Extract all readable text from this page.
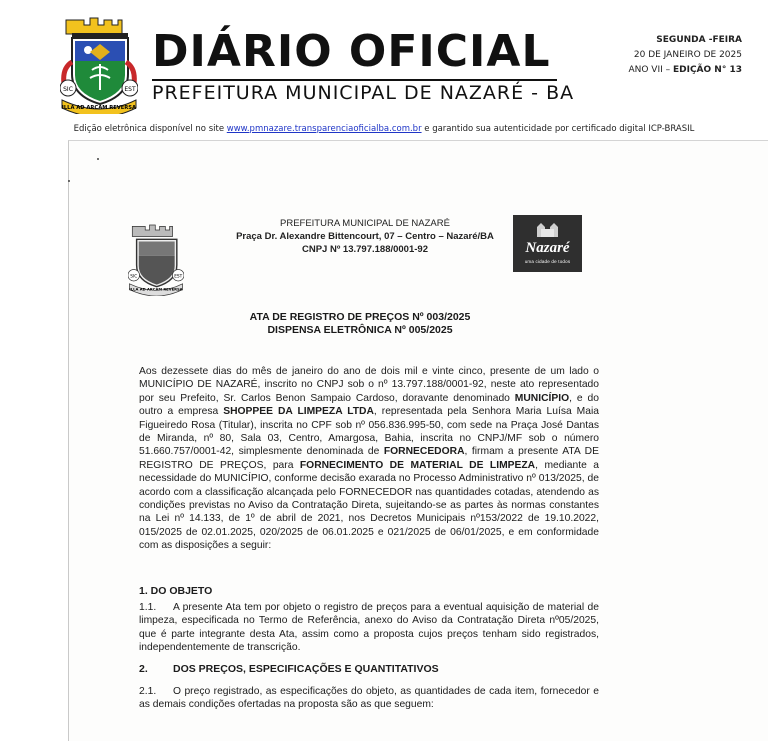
SIC	EST
ILLA AD ARCAM REVERSA
DIÁRIO OFICIAL
PREFEITURA MUNICIPAL DE NAZARÉ - BA
SEGUNDA -FEIRA
20 DE JANEIRO DE 2025
ANO VII – EDIÇÃO N° 13
Edição eletrônica disponível no site www.pmnazare.transparenciaoficialba.com.br e garantido sua autenticidade por certificado digital ICP-BRASIL
SIC	EST
ILLA AD ARCAM REVERSA
PREFEITURA MUNICIPAL DE NAZARÉ
Praça Dr. Alexandre Bittencourt, 07 – Centro – Nazaré/BA
CNPJ Nº 13.797.188/0001-92	Nazaré
uma cidade de todos
ATA DE REGISTRO DE PREÇOS Nº 003/2025
DISPENSA ELETRÔNICA Nº 005/2025
Aos dezessete dias do mês de janeiro do ano de dois mil e vinte cinco, presente de um lado o MUNICÍPIO DE NAZARÉ, inscrito no CNPJ sob o nº 13.797.188/0001-92, neste ato representado por seu Prefeito, Sr. Carlos Benon Sampaio Cardoso, doravante denominado MUNICÍPIO, e do outro a empresa SHOPPEE DA LIMPEZA LTDA, representada pela Senhora Maria Luísa Maia Figueiredo Rosa (Titular), inscrita no CPF sob nº 056.836.995-50, com sede na Praça José Dantas de Miranda, nº 80, Sala 03, Centro, Amargosa, Bahia, inscrita no CNPJ/MF sob o número 51.660.757/0001-42, simplesmente denominada de FORNECEDORA, firmam a presente ATA DE REGISTRO DE PREÇOS, para FORNECIMENTO DE MATERIAL DE LIMPEZA, mediante a necessidade do MUNICÍPIO, conforme decisão exarada no Processo Administrativo nº 013/2025, de acordo com a classificação alcançada pelo FORNECEDOR nas quantidades cotadas, atendendo as condições previstas no Aviso da Contratação Direta, sujeitando-se as partes às normas constantes na Lei nº 14.133, de 1º de abril de 2021, nos Decretos Municipais nº153/2022 de 19.10.2022, 015/2025 de 02.01.2025, 020/2025 de 06.01.2025 e 021/2025 de 06/01/2025, e em conformidade com as disposições a seguir:
1. DO OBJETO
1.1. A presente Ata tem por objeto o registro de preços para a eventual aquisição de material de limpeza, especificada no Termo de Referência, anexo do Aviso da Contratação Direta nº05/2025, que é parte integrante desta Ata, assim como a proposta cujos preços tenham sido registrados, independentemente de transcrição.
2. DOS PREÇOS, ESPECIFICAÇÕES E QUANTITATIVOS
2.1. O preço registrado, as especificações do objeto, as quantidades de cada item, fornecedor e as demais condições ofertadas na proposta são as que seguem:
